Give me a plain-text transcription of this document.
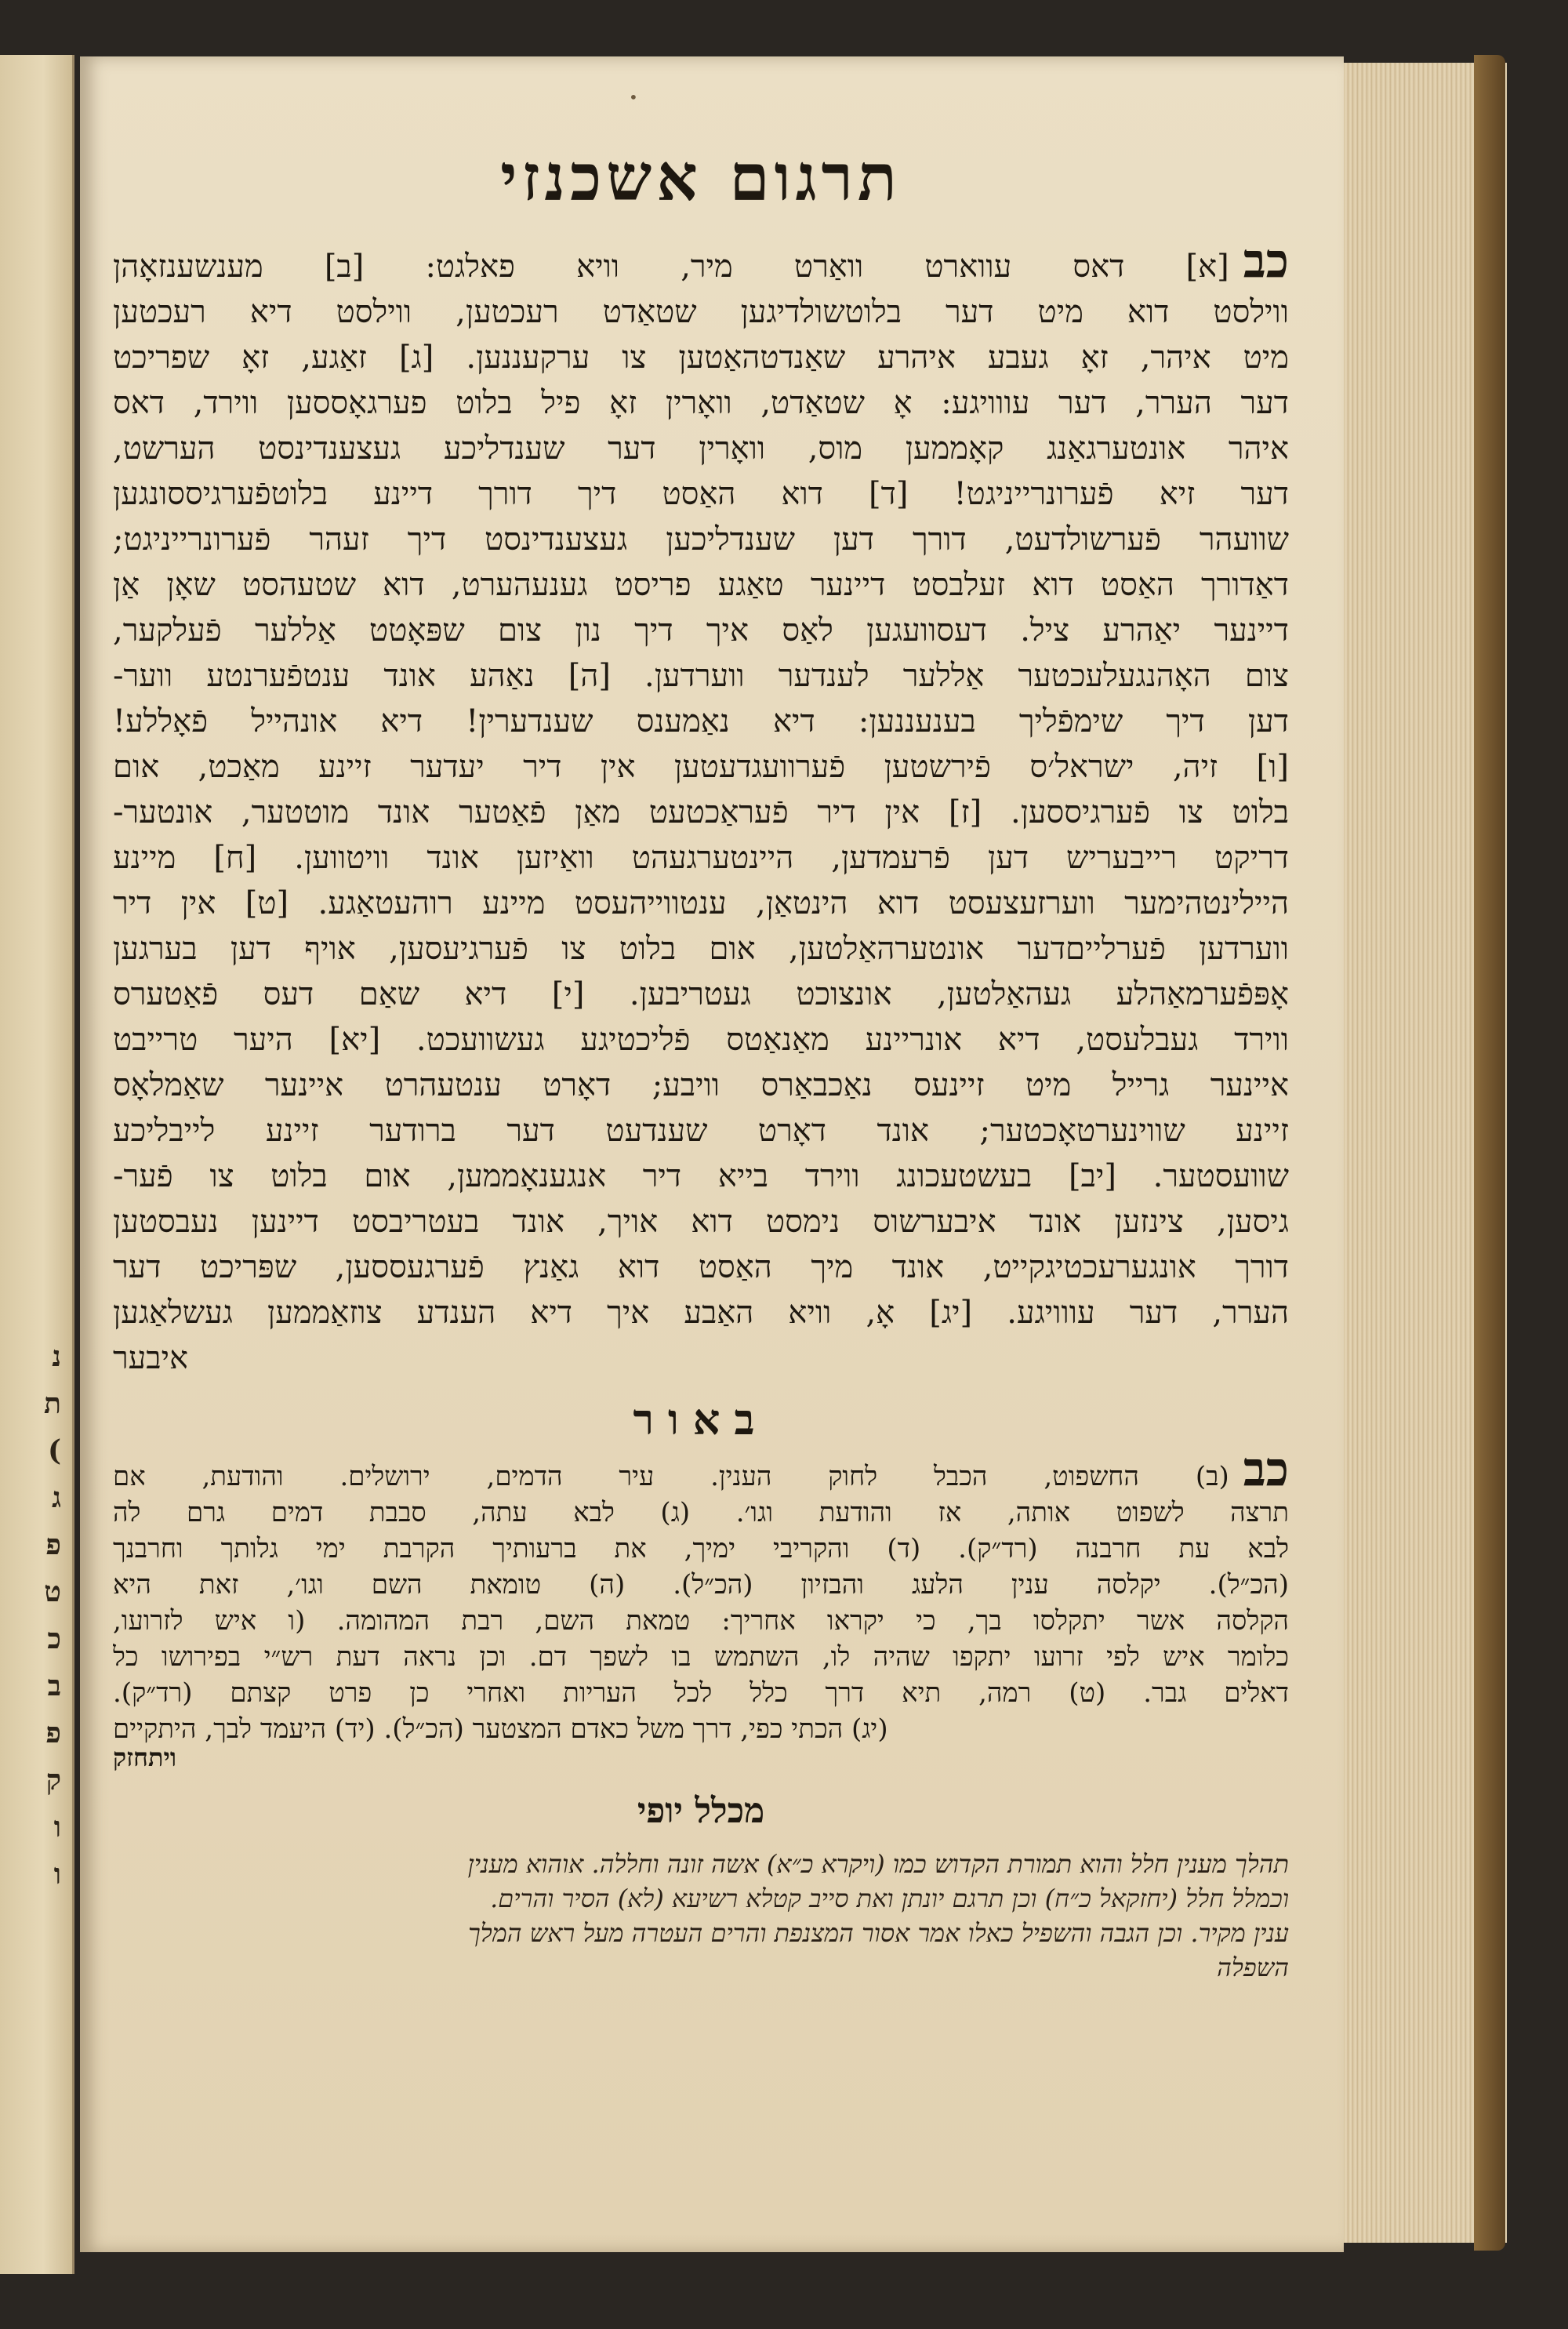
נ
ת
(
ג
פ
ט
כ
ב
פ
ק
ו
ו
•
תרגום אשכנזי

כב[א] דאס עווארט וואַרט מיר, וויא פאלגט: [ב] מענשענזאָהן
ווילסט דוא מיט דער בלוטשולדיגען שטאַדט רעכטען, ווילסט דיא רעכטען
מיט איהר, זאָ געבע איהרע שאַנדטהאַטען צו ערקעננען. [ג] זאַגע, זאָ שפריכט
דער הערר, דער עווויגע: אָ שטאַדט, וואָרין זאָ פיל בלוט פערגאָססען ווירד, דאס
איהר אונטערגאַנג קאָממען מוס, וואָרין דער שענדליכע געצענדינסט הערשט,
דער זיא פֿערונרייניגט! [ד] דוא האַסט דיך דורך דיינע בלוטפֿערגיססונגען
שוועהר פֿערשולדעט, דורך דען שענדליכען געצענדינסט דיך זעהר פֿערונרייניגט;
דאַדורך האַסט דוא זעלבסט דיינער טאַגע פריסט גענעהערט, דוא שטעהסט שאָן אַן
דיינער יאַהרע ציל. דעסוועגען לאַס איך דיך נון צום שפּאָטט אַללער פֿעלקער,
צום האָהנגעלעכטער אַללער לענדער ווערדען. [ה] נאַהע אונד ענטפֿערנטע ווער-
דען דיך שימפֿליך בענעננען: דיא נאַמענס שענדערין! דיא אונהייל פֿאָללע!
[ו] זיה, ישראל׳ס פֿירשטען פֿערוועגדעטען אין דיר יעדער זיינע מאַכט, אום
בלוט צו פֿערגיססען. [ז] אין דיר פֿעראַכטעט מאַן פֿאַטער אונד מוטטער, אונטער-
דריקט רייבעריש דען פֿרעמדען, היינטערגעהט וואַיזען אונד וויטווען. [ח] מיינע
היילינטהימער ווערזעצעסט דוא הינטאַן, ענטווייהעסט מיינע רוהעטאַגע. [ט] אין דיר
ווערדען פֿערלייםדער אונטערהאַלטען, אום בלוט צו פֿערגיעסען, אויף דען בערגען
אָפּפֿערמאַהלע געהאַלטען, אונצוכט געטריבען. [י] דיא שאַם דעס פֿאַטערס
ווירד געבלעסט, דיא אונריינע מאַנאַטס פֿליכטיגע געשוועכט. [יא] היער טרייבט
איינער גרייל מיט זיינעס נאַכבאַרס וויבע; דאָרט ענטעהרט איינער שאַמלאָס
זיינע שווינערטאָכטער; אונד דאָרט שענדעט דער ברודער זיינע לייבליכע
שוועסטער. [יב] בעשטעכונג ווירד בייא דיר אנגענאָממען, אום בלוט צו פֿער-
גיסען, צינזען אונד איבערשוס נימסט דוא אויך, אונד בעטריבסט דיינען נעבסטען
דורך אונגערעכטיגקייט, אונד מיך האַסט דוא גאַנץ פֿערגעססען, שפּריכט דער
הערר, דער עווויגע. [יג] אָ, וויא האַבע איך דיא הענדע צוזאַממען געשלאַגען
איבער

באור

כב(ב) החשפוט, הכבל לחוק הענין. עיר הדמים, ירושלים. והודעת, אם
תרצה לשפוט אותה, אז והודעת וגו׳. (ג) לבא עתה, סבבת דמים גרם לה
לבא עת חרבנה (רד״ק). (ד) והקריבי ימיך, את ברעותיך הקרבת ימי גלותך וחרבנך
(הכ״ל). יקלסה ענין הלעג והבזיון (הכ״ל). (ה) טומאת השם וגו׳, זאת היא
הקלסה אשר יתקלסו בך, כי יקראו אחריך: טמאת השם, רבת המהומה. (ו איש לזרועו,
כלומר איש לפי זרועו יתקפו שהיה לו, השתמש בו לשפך דם. וכן נראה דעת רש״י בפירושו כל
דאלים גבר. (ט) רמה, תיא דרך כלל לכל העריות ואחרי כן פרט קצתם (רד״ק).
(יג) הכתי כפי, דרך משל כאדם המצטער (הכ״ל). (יד) היעמד לבך, היתקיים

ויתחזק
מכלל יופי
תהלך מענין חלל והוא תמורת הקדוש כמו (ויקרא כ״א) אשה זונה וחללה. אוהוא מענין
וכמלל חלל (יחזקאל כ״ח) וכן תרגם יונתן ואת סייב קטלא רשיעא (לא) הסיר והרים.
ענין מקיר. וכן הגבה והשפיל כאלו אמר אסור המצנפת והרים העטרה מעל ראש המלך
השפלה
